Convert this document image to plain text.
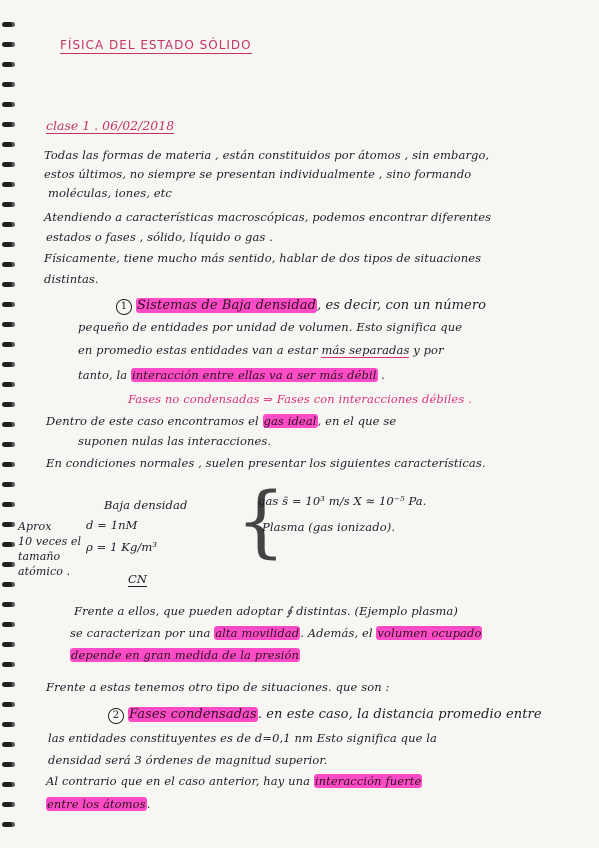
FÍSICA DEL ESTADO SÓLIDO
clase 1 . 06/02/2018
Todas las formas de materia , están constituidos por átomos , sin embargo,
estos últimos, no siempre se presentan individualmente , sino formando
moléculas, iones, etc
Atendiendo a características macroscópicas, podemos encontrar diferentes
estados o fases , sólido, líquido o gas .
Físicamente, tiene mucho más sentido, hablar de dos tipos de situaciones
distintas.
1 Sistemas de Baja densidad, es decir, con un número
pequeño de entidades por unidad de volumen. Esto significa que
en promedio estas entidades van a estar más separadas y por
tanto, la interacción entre ellas va a ser más débil .
Fases no condensadas ⇒ Fases con interacciones débiles .
Dentro de este caso encontramos el gas ideal, en el que se
suponen nulas las interacciones.
En condiciones normales , suelen presentar los siguientes características.
Aprox
10 veces el
tamaño
atómico .
Baja densidad
d = 1nM
ρ = 1 Kg/m³
CN
{
gas s̄ = 10³ m/s X ≈ 10⁻⁵ Pa.
Plasma (gas ionizado).
Frente a ellos, que pueden adoptar ∮ distintas. (Ejemplo plasma)
se caracterizan por una alta movilidad. Además, el volumen ocupado
depende en gran medida de la presión
Frente a estas tenemos otro tipo de situaciones. que son :
2 Fases condensadas. en este caso, la distancia promedio entre
las entidades constituyentes es de d=0,1 nm Esto significa que la
densidad será 3 órdenes de magnitud superior.
Al contrario que en el caso anterior, hay una interacción fuerte
entre los átomos.
